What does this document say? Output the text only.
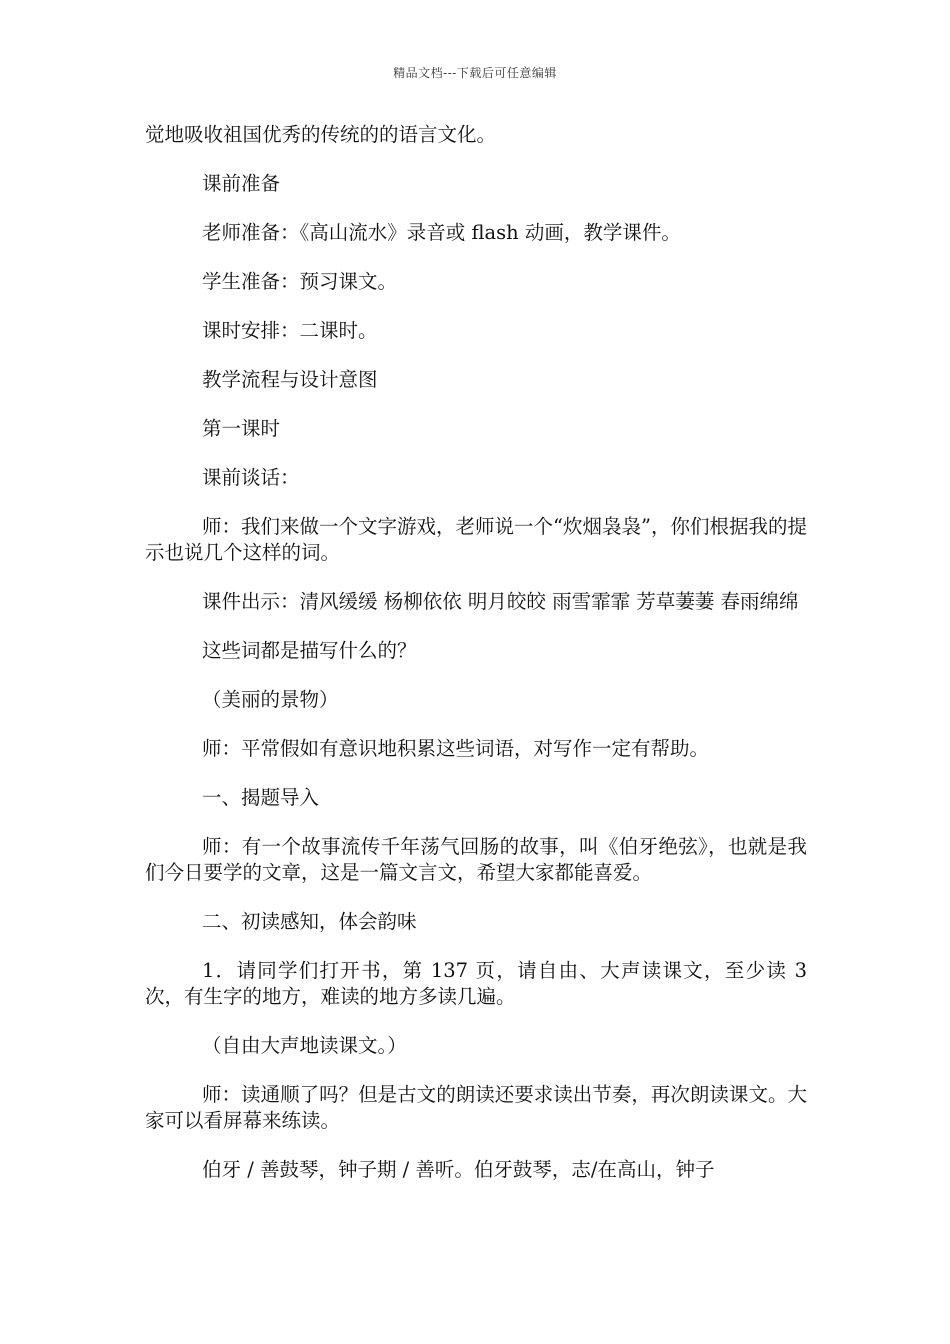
精品文档---下载后可任意编辑

觉地吸收祖国优秀的传统的的语言文化。

课前准备

老师准备：《高山流水》录音或 flash 动画，教学课件。

学生准备：预习课文。

课时安排：二课时。

教学流程与设计意图

第一课时

课前谈话：

师：我们来做一个文字游戏，老师说一个“炊烟袅袅”，你们根据我的提示也说几个这样的词。

课件出示：清风缓缓 杨柳依依 明月皎皎 雨雪霏霏 芳草萋萋 春雨绵绵

这些词都是描写什么的？

（美丽的景物）

师：平常假如有意识地积累这些词语，对写作一定有帮助。

一、揭题导入

师：有一个故事流传千年荡气回肠的故事，叫《伯牙绝弦》，也就是我们今日要学的文章，这是一篇文言文，希望大家都能喜爱。

二、初读感知，体会韵味

1．请同学们打开书，第 137 页，请自由、大声读课文，至少读 3 次，有生字的地方，难读的地方多读几遍。

（自由大声地读课文。）

师：读通顺了吗？但是古文的朗读还要求读出节奏，再次朗读课文。大家可以看屏幕来练读。

伯牙 / 善鼓琴，钟子期 / 善听。伯牙鼓琴，志/在高山，钟子
